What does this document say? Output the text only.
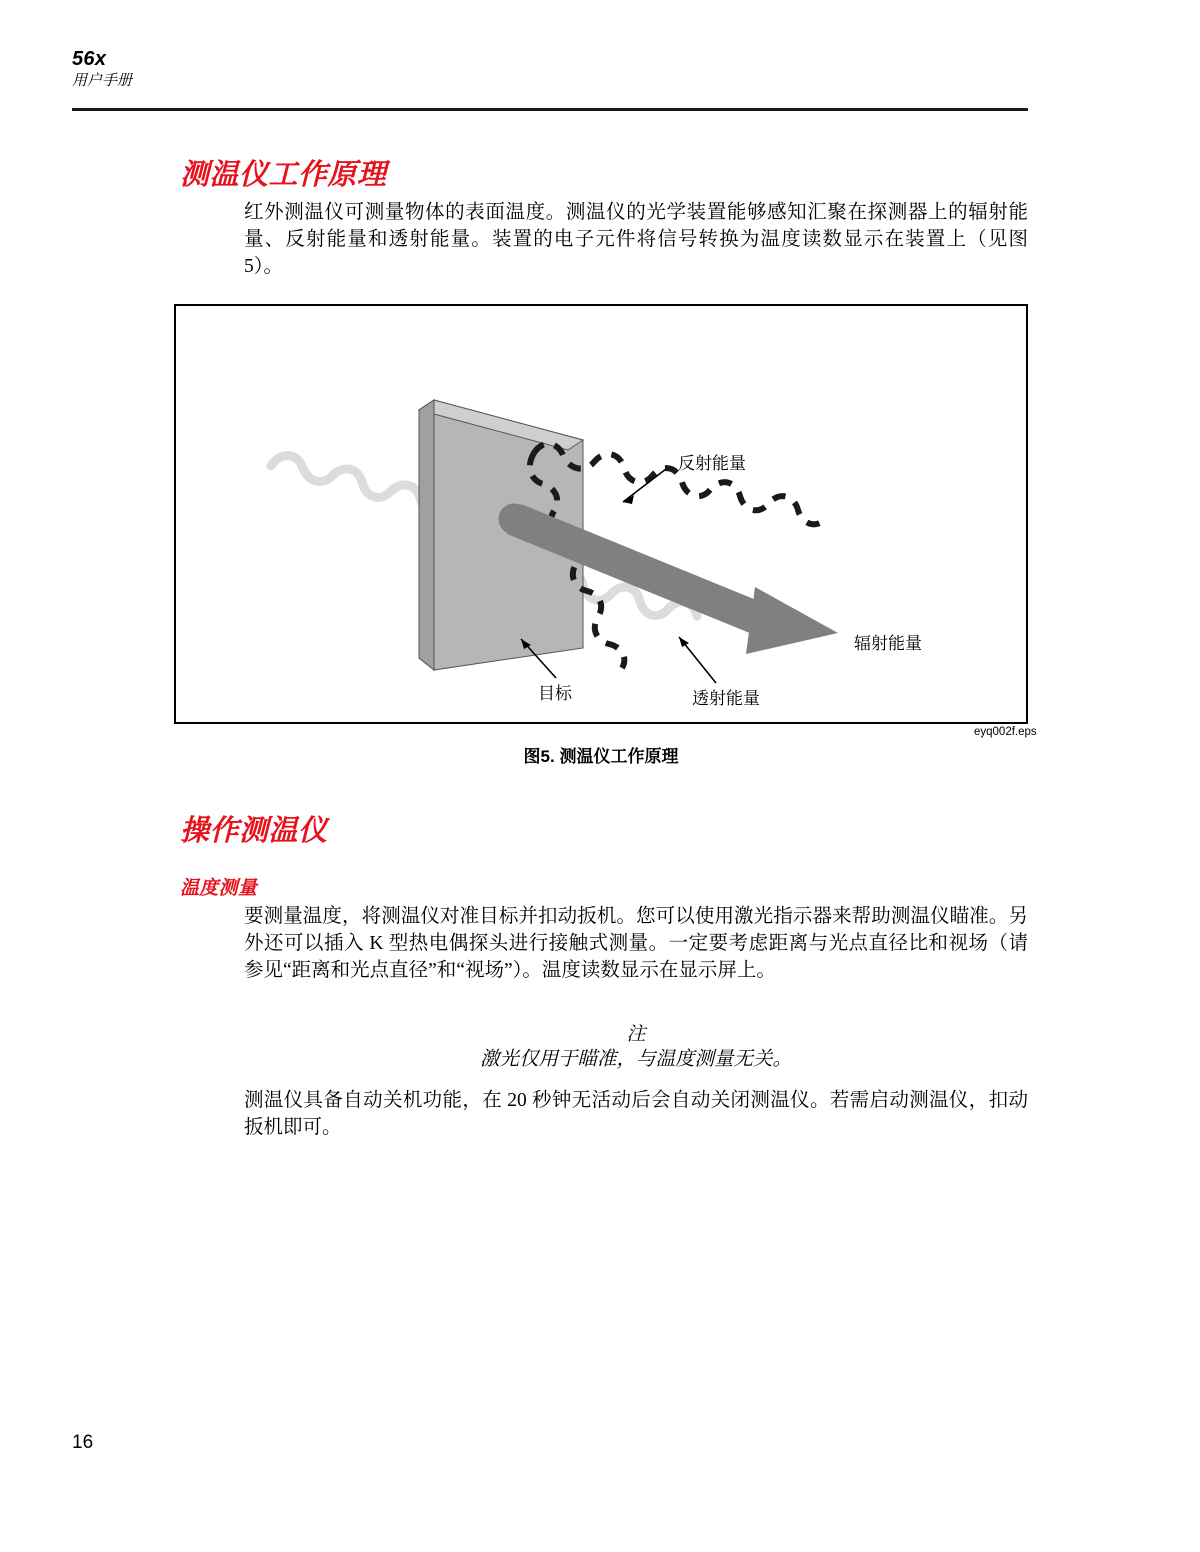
56x
用户手册
测温仪工作原理
红外测温仪可测量物体的表面温度。测温仪的光学装置能够感知汇聚在探测器上的辐射能量、反射能量和透射能量。装置的电子元件将信号转换为温度读数显示在装置上（见图 5）。
反射能量
辐射能量
透射能量
目标
eyq002f.eps
图5. 测温仪工作原理
操作测温仪
温度测量
要测量温度，将测温仪对准目标并扣动扳机。您可以使用激光指示器来帮助测温仪瞄准。另外还可以插入 K 型热电偶探头进行接触式测量。一定要考虑距离与光点直径比和视场（请参见“距离和光点直径”和“视场”）。温度读数显示在显示屏上。
注
激光仅用于瞄准，与温度测量无关。
测温仪具备自动关机功能，在 20 秒钟无活动后会自动关闭测温仪。若需启动测温仪，扣动扳机即可。
16
